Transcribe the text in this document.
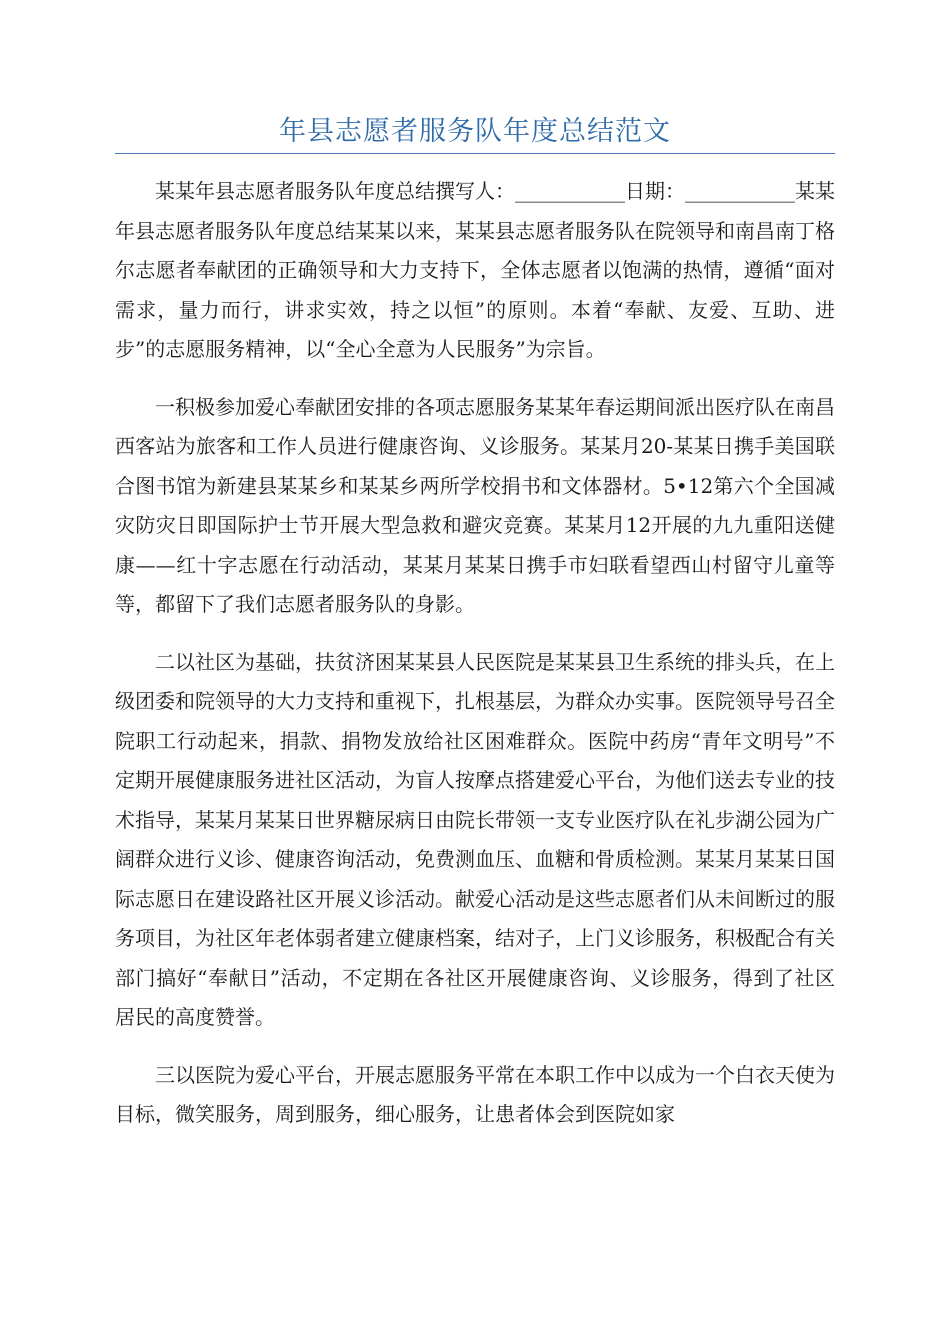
年县志愿者服务队年度总结范文

某某年县志愿者服务队年度总结撰写人：___________日期：___________某某年县志愿者服务队年度总结某某以来，某某县志愿者服务队在院领导和南昌南丁格尔志愿者奉献团的正确领导和大力支持下，全体志愿者以饱满的热情，遵循“面对需求，量力而行，讲求实效，持之以恒”的原则。本着“奉献、友爱、互助、进步”的志愿服务精神，以“全心全意为人民服务”为宗旨。

一积极参加爱心奉献团安排的各项志愿服务某某年春运期间派出医疗队在南昌西客站为旅客和工作人员进行健康咨询、义诊服务。某某月20-某某日携手美国联合图书馆为新建县某某乡和某某乡两所学校捐书和文体器材。5•12第六个全国减灾防灾日即国际护士节开展大型急救和避灾竞赛。某某月12开展的九九重阳送健康——红十字志愿在行动活动，某某月某某日携手市妇联看望西山村留守儿童等等，都留下了我们志愿者服务队的身影。

二以社区为基础，扶贫济困某某县人民医院是某某县卫生系统的排头兵，在上级团委和院领导的大力支持和重视下，扎根基层，为群众办实事。医院领导号召全院职工行动起来，捐款、捐物发放给社区困难群众。医院中药房“青年文明号”不定期开展健康服务进社区活动，为盲人按摩点搭建爱心平台，为他们送去专业的技术指导，某某月某某日世界糖尿病日由院长带领一支专业医疗队在礼步湖公园为广阔群众进行义诊、健康咨询活动，免费测血压、血糖和骨质检测。某某月某某日国际志愿日在建设路社区开展义诊活动。献爱心活动是这些志愿者们从未间断过的服务项目，为社区年老体弱者建立健康档案，结对子，上门义诊服务，积极配合有关部门搞好“奉献日”活动，不定期在各社区开展健康咨询、义诊服务，得到了社区居民的高度赞誉。

三以医院为爱心平台，开展志愿服务平常在本职工作中以成为一个白衣天使为目标，微笑服务，周到服务，细心服务，让患者体会到医院如家
